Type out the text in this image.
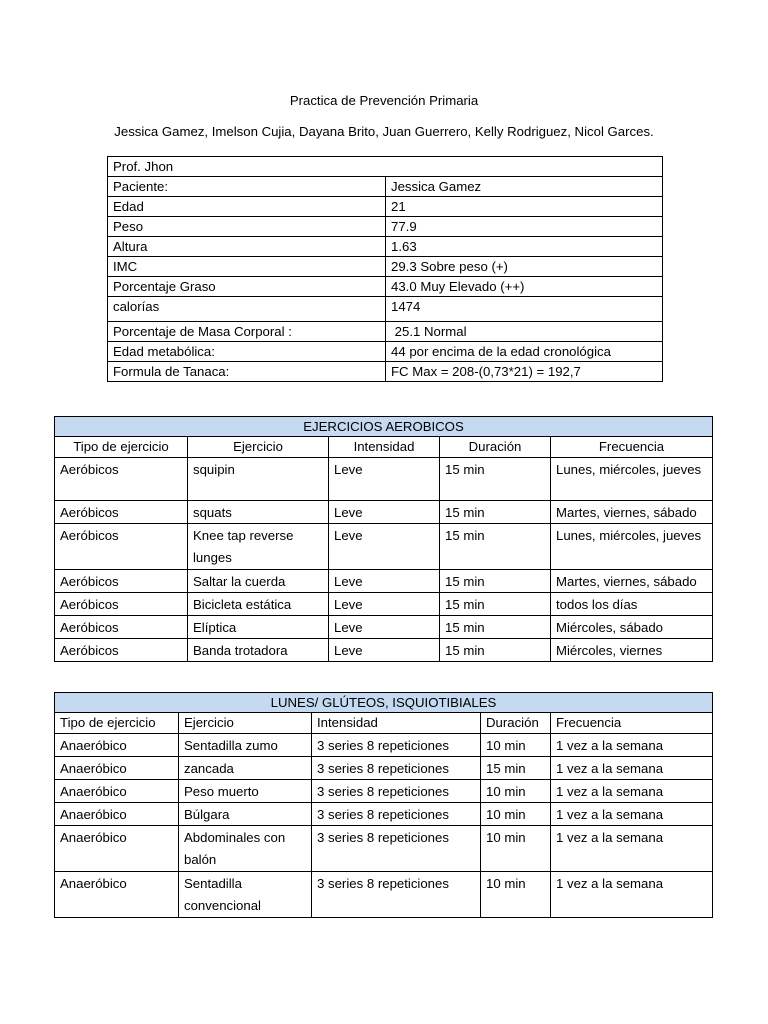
Practica de Prevención Primaria
Jessica Gamez, Imelson Cujia, Dayana Brito, Juan Guerrero, Kelly Rodriguez, Nicol Garces.
Prof. Jhon	
Paciente:	Jessica Gamez
Edad	21
Peso	77.9
Altura	1.63
IMC	29.3 Sobre peso (+)
Porcentaje Graso	43.0 Muy Elevado (++)
calorías	1474
Porcentaje de Masa Corporal :	25.1 Normal
Edad metabólica:	44 por encima de la edad cronológica
Formula de Tanaca:	FC Max = 208-(0,73*21) = 192,7
EJERCICIOS AEROBICOS				
Tipo de ejercicio	Ejercicio	Intensidad	Duración	Frecuencia
Aeróbicos	squipin	Leve	15 min	Lunes, miércoles, jueves
Aeróbicos	squats	Leve	15 min	Martes, viernes, sábado
Aeróbicos	Knee tap reverse lunges	Leve	15 min	Lunes, miércoles, jueves
Aeróbicos	Saltar la cuerda	Leve	15 min	Martes, viernes, sábado
Aeróbicos	Bicicleta estática	Leve	15 min	todos los días
Aeróbicos	Elíptica	Leve	15 min	Miércoles, sábado
Aeróbicos	Banda trotadora	Leve	15 min	Miércoles, viernes
LUNES/ GLÚTEOS, ISQUIOTIBIALES				
Tipo de ejercicio	Ejercicio	Intensidad	Duración	Frecuencia
Anaeróbico	Sentadilla zumo	3 series 8 repeticiones	10 min	1 vez a la semana
Anaeróbico	zancada	3 series 8 repeticiones	15 min	1 vez a la semana
Anaeróbico	Peso muerto	3 series 8 repeticiones	10 min	1 vez a la semana
Anaeróbico	Búlgara	3 series 8 repeticiones	10 min	1 vez a la semana
Anaeróbico	Abdominales con balón	3 series 8 repeticiones	10 min	1 vez a la semana
Anaeróbico	Sentadilla convencional	3 series 8 repeticiones	10 min	1 vez a la semana
